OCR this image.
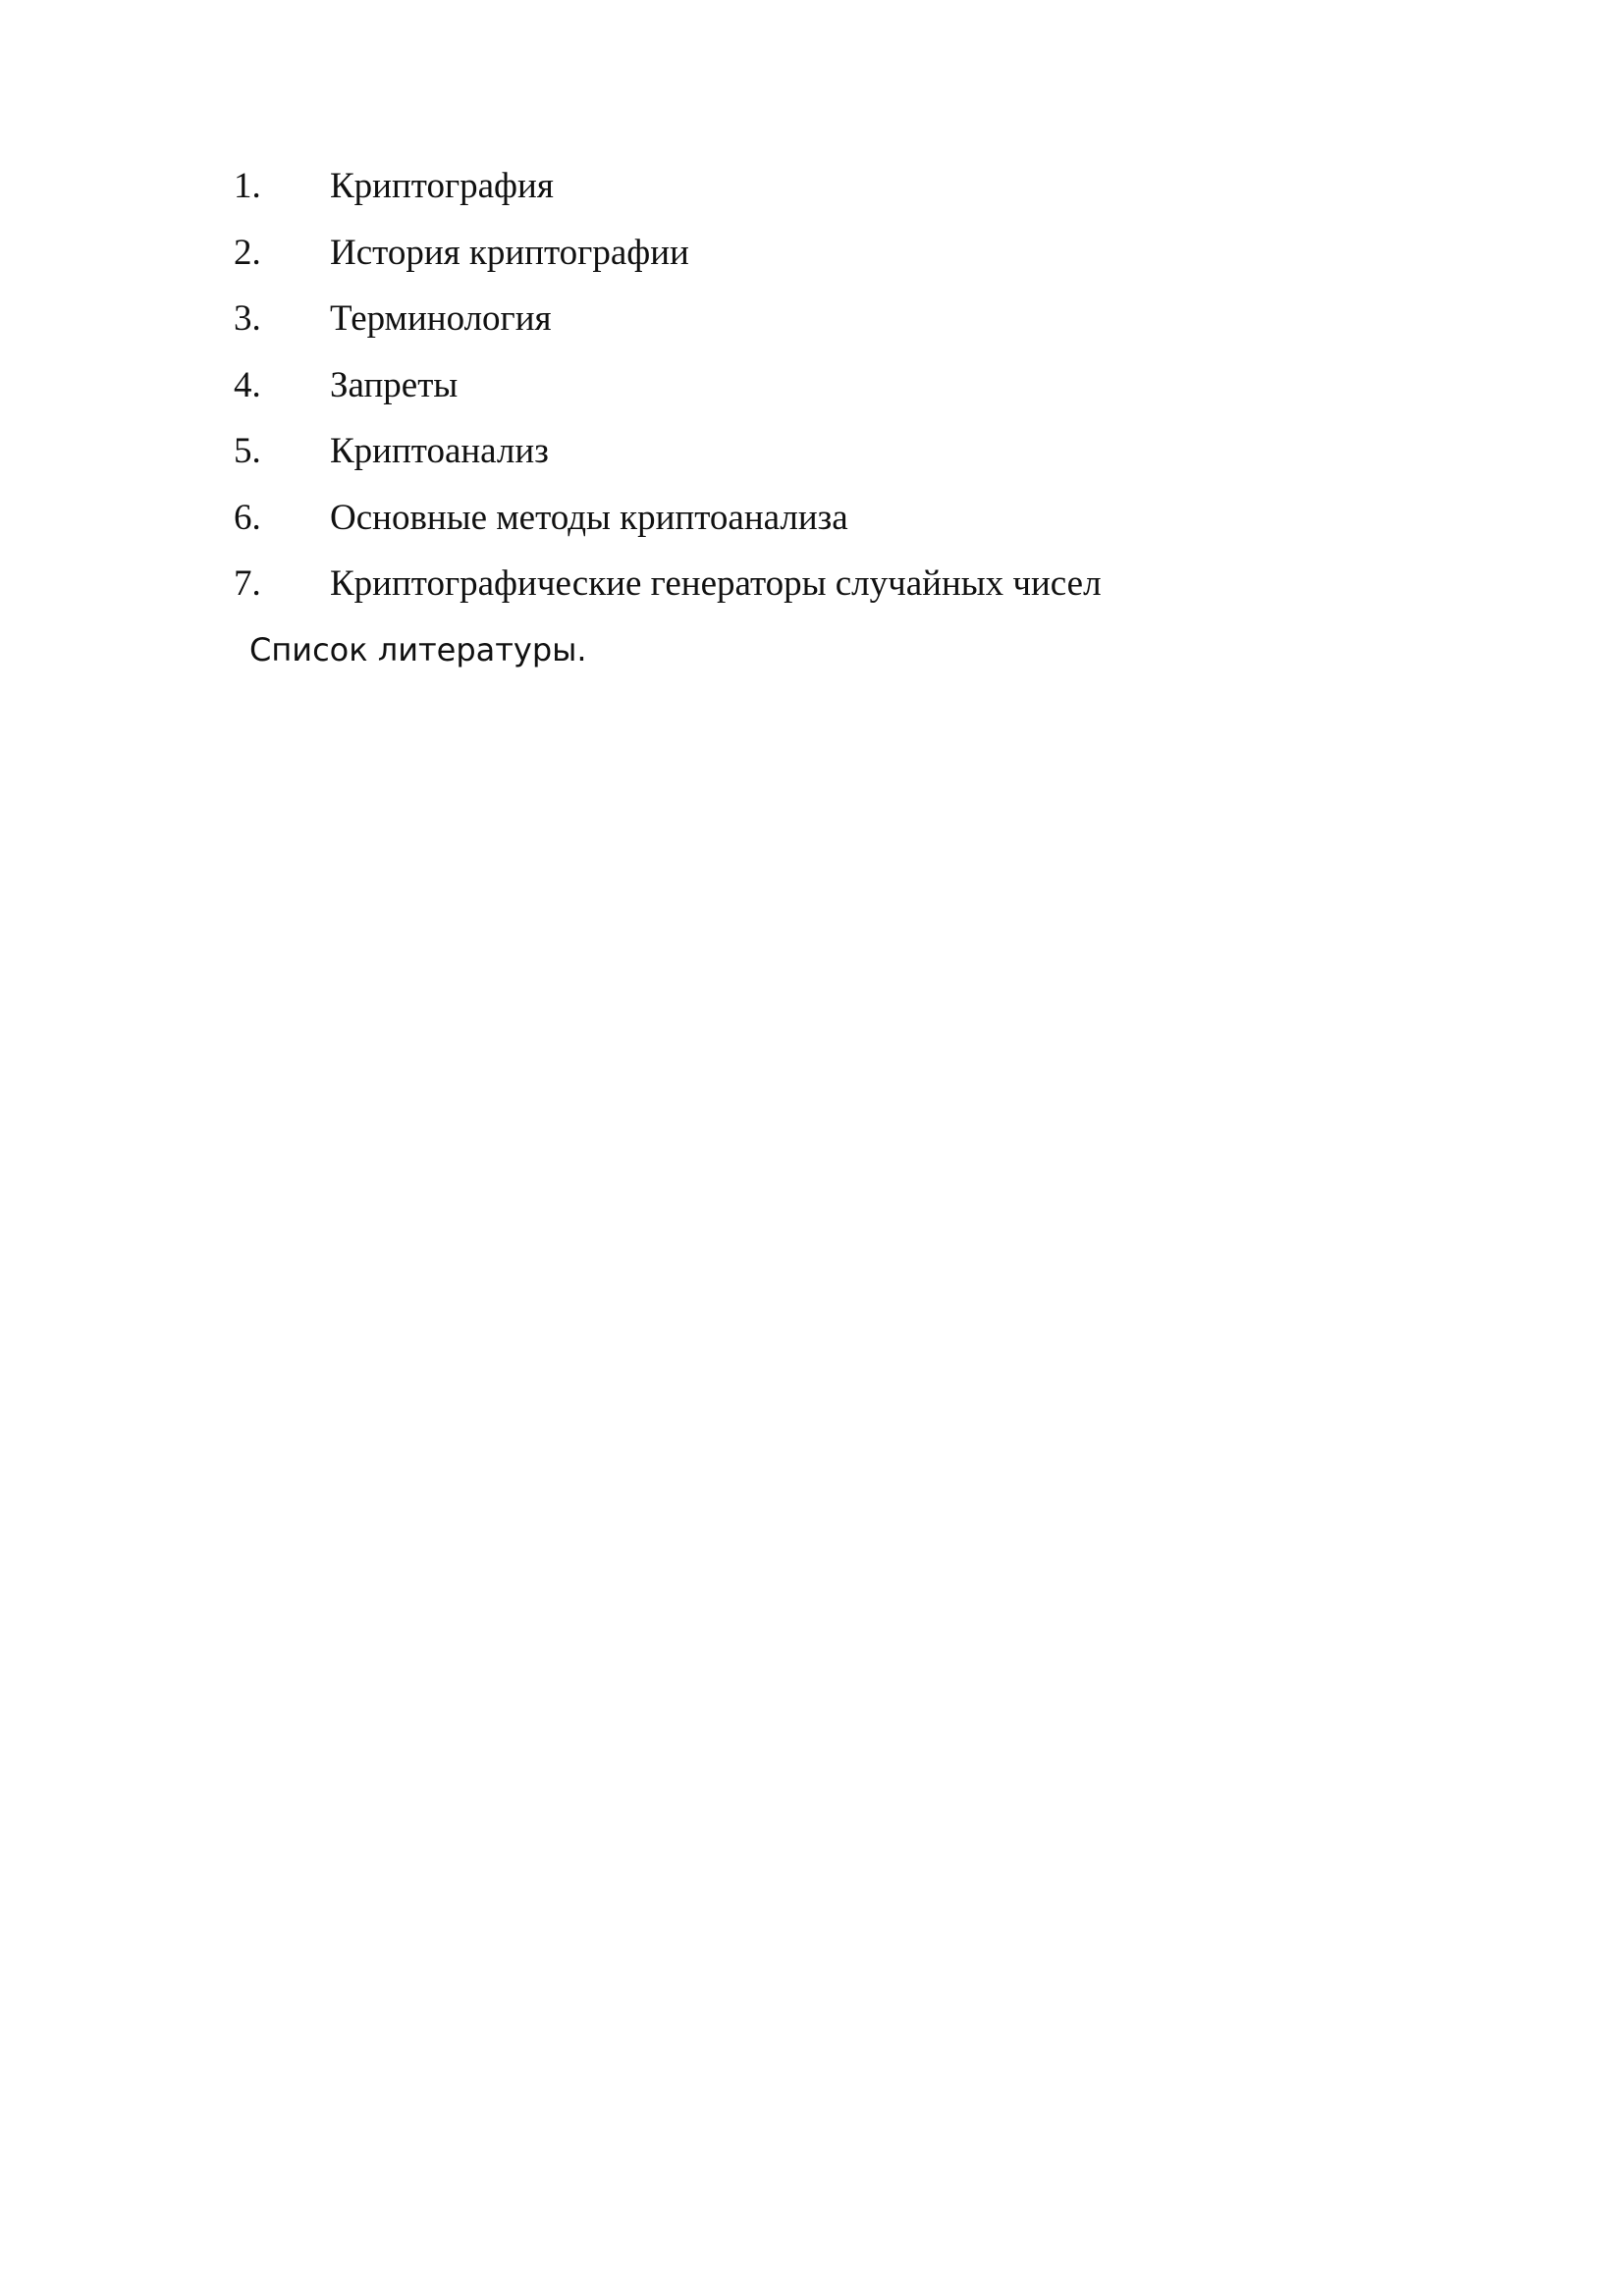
1. Криптография
2. История криптографии
3. Терминология
4. Запреты
5. Криптоанализ
6. Основные методы криптоанализа
7. Криптографические генераторы случайных чисел
Список литературы.
